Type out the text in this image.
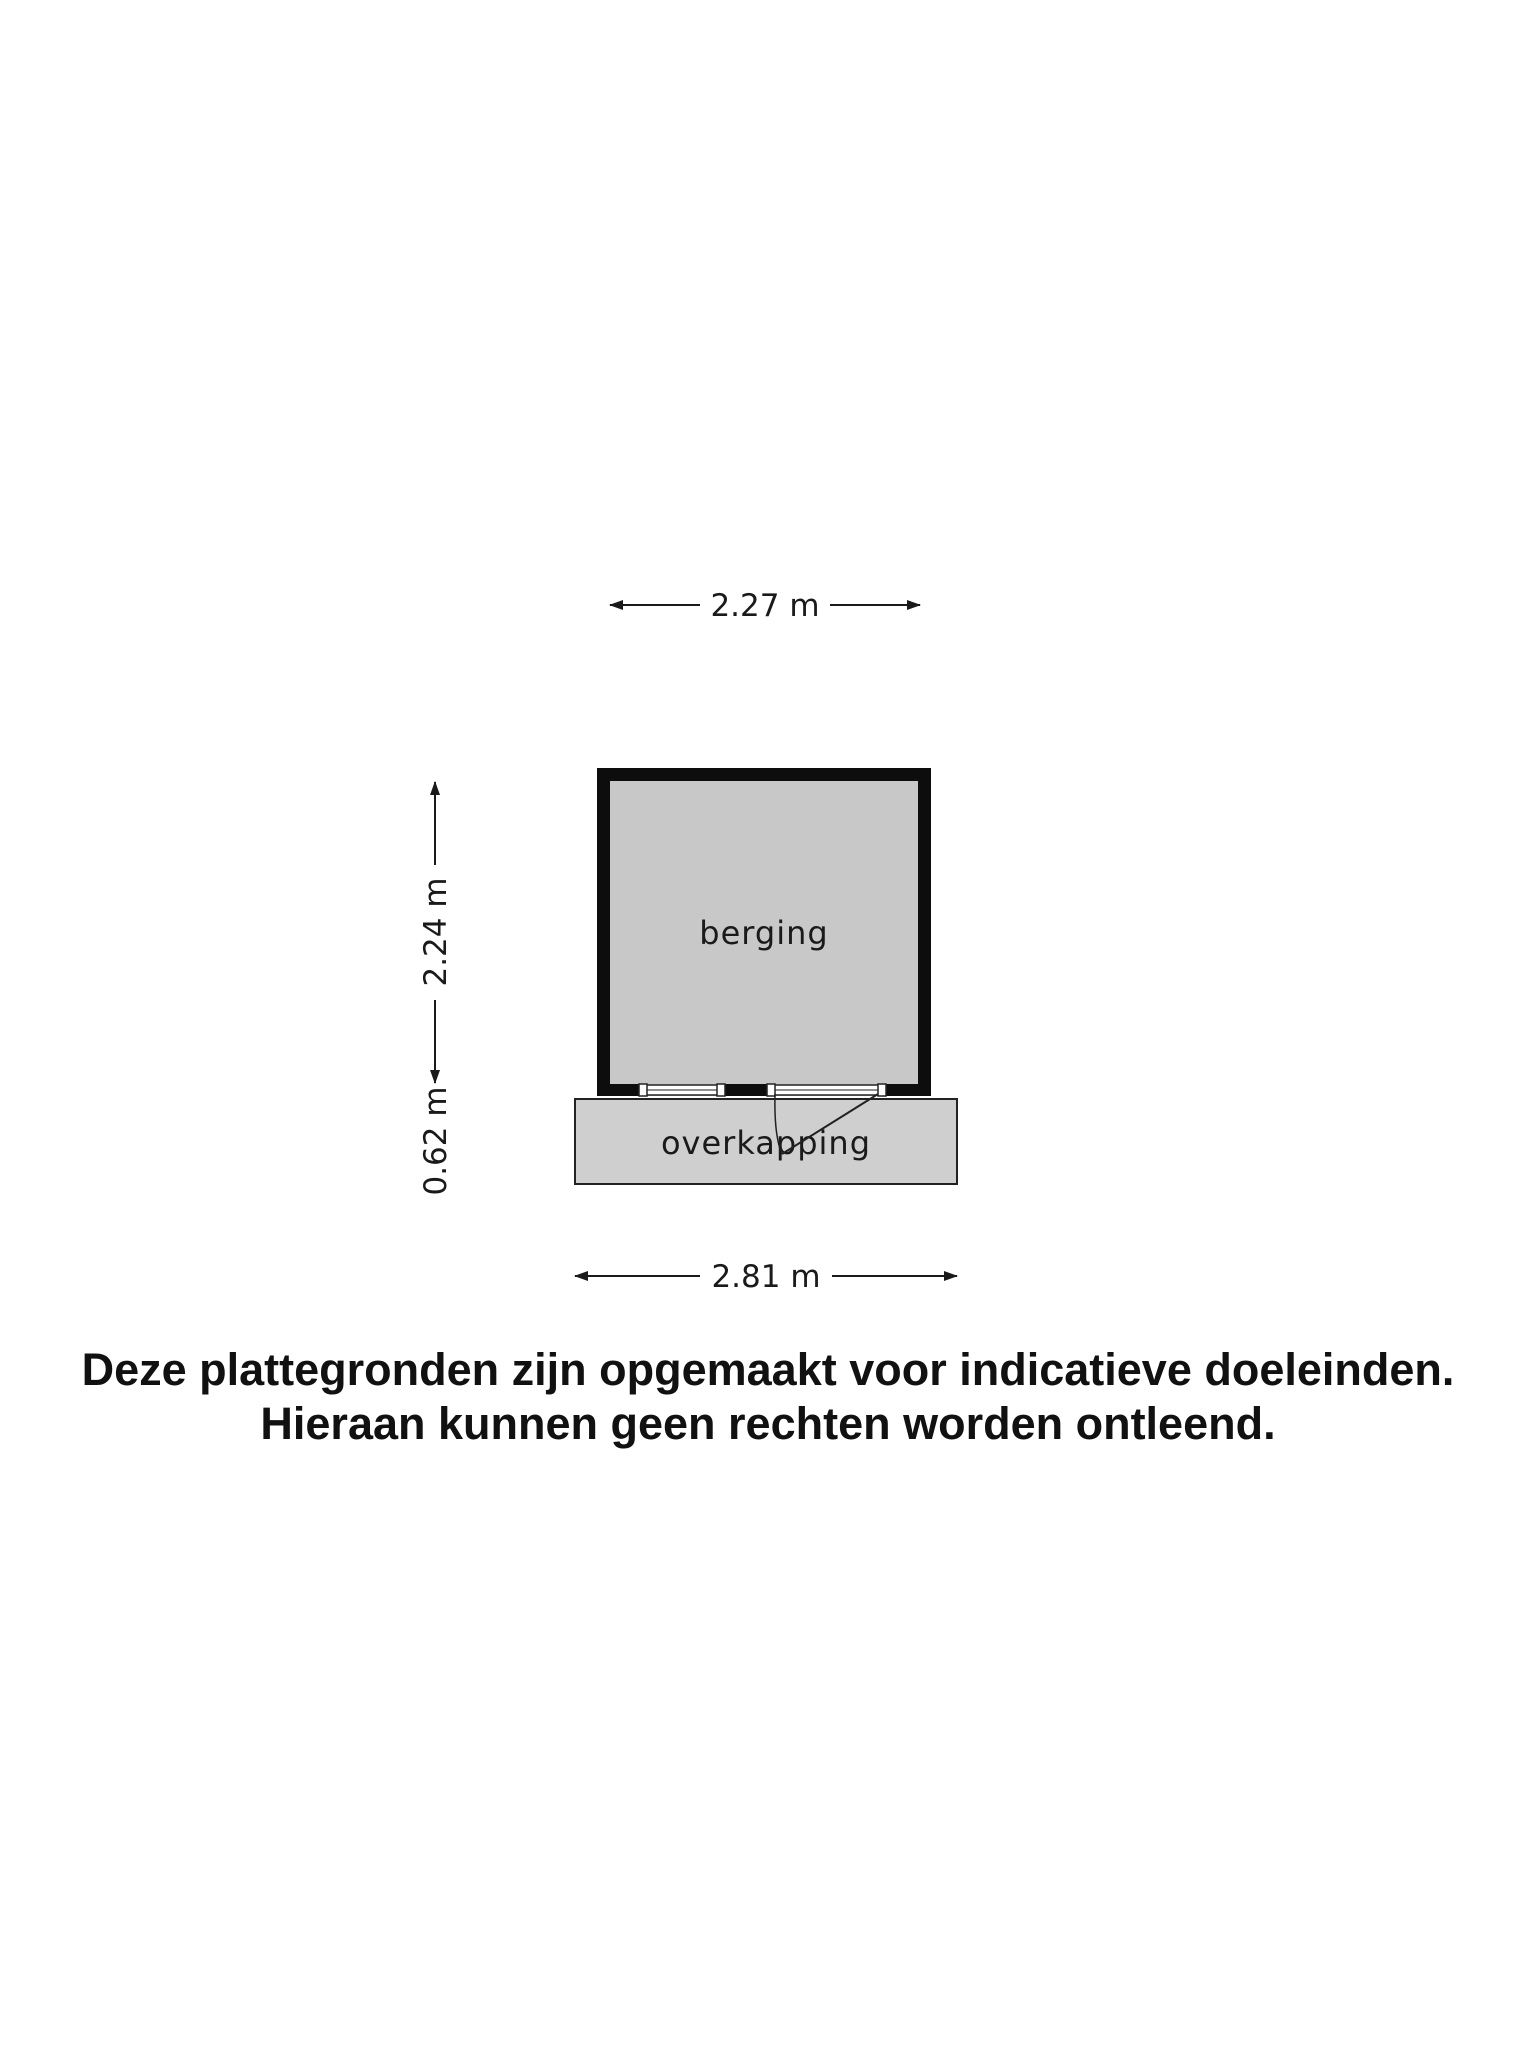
2.27 m
2.24 m
0.62 m	overkapping
berging
2.81 m
Deze plattegronden zijn opgemaakt voor indicatieve doeleinden.
Hieraan kunnen geen rechten worden ontleend.
